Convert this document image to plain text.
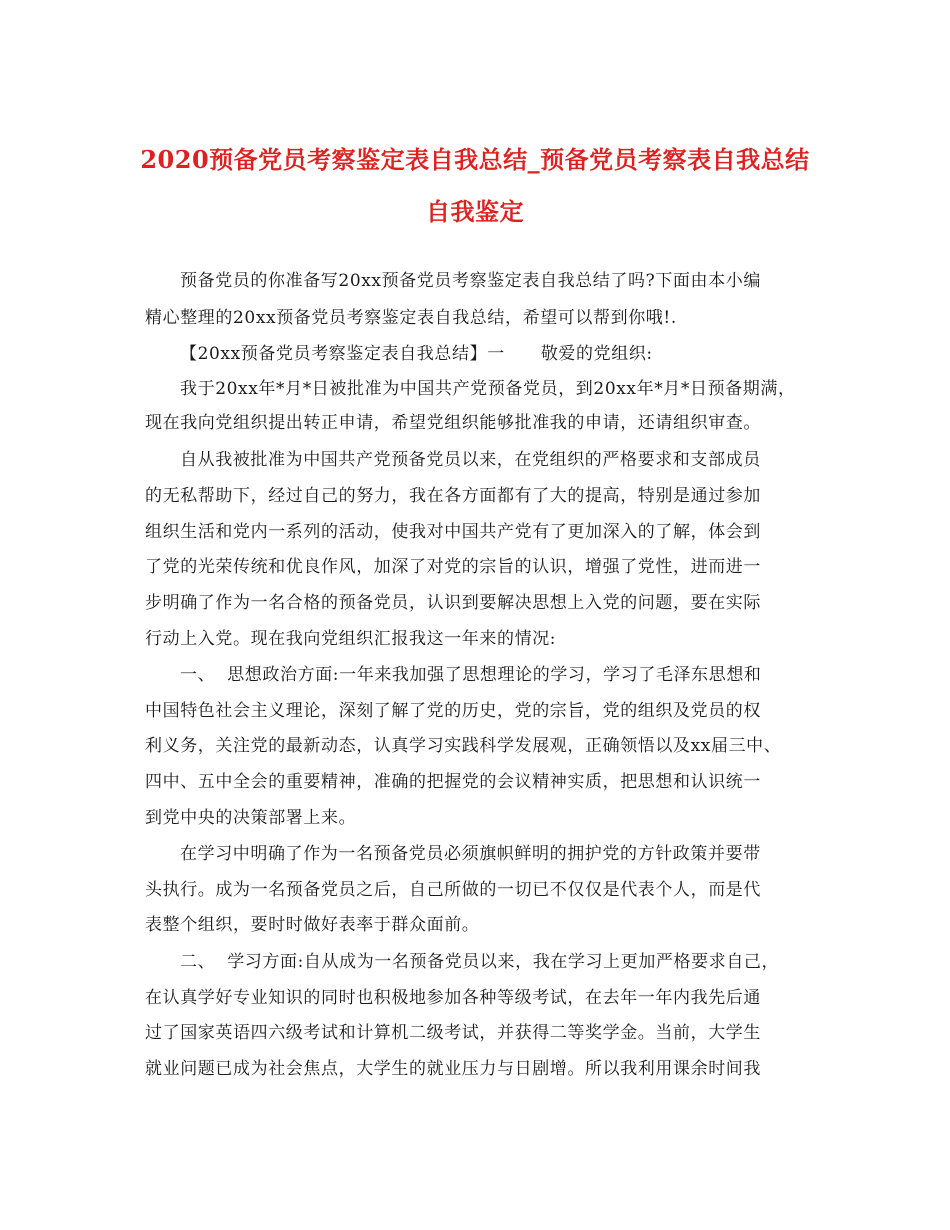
2020预备党员考察鉴定表自我总结_预备党员考察表自我总结
自我鉴定
预备党员的你准备写20xx预备党员考察鉴定表自我总结了吗?下面由本小编
精心整理的20xx预备党员考察鉴定表自我总结，希望可以帮到你哦!.
【20xx预备党员考察鉴定表自我总结】一      敬爱的党组织:
我于20xx年*月*日被批准为中国共产党预备党员，到20xx年*月*日预备期满，
现在我向党组织提出转正申请，希望党组织能够批准我的申请，还请组织审查。
自从我被批准为中国共产党预备党员以来，在党组织的严格要求和支部成员
的无私帮助下，经过自己的努力，我在各方面都有了大的提高，特别是通过参加
组织生活和党内一系列的活动，使我对中国共产党有了更加深入的了解，体会到
了党的光荣传统和优良作风，加深了对党的宗旨的认识，增强了党性，进而进一
步明确了作为一名合格的预备党员，认识到要解决思想上入党的问题，要在实际
行动上入党。现在我向党组织汇报我这一年来的情况:
一、  思想政治方面:一年来我加强了思想理论的学习，学习了毛泽东思想和
中国特色社会主义理论，深刻了解了党的历史，党的宗旨，党的组织及党员的权
利义务，关注党的最新动态，认真学习实践科学发展观，正确领悟以及xx届三中、
四中、五中全会的重要精神，准确的把握党的会议精神实质，把思想和认识统一
到党中央的决策部署上来。
在学习中明确了作为一名预备党员必须旗帜鲜明的拥护党的方针政策并要带
头执行。成为一名预备党员之后，自己所做的一切已不仅仅是代表个人，而是代
表整个组织，要时时做好表率于群众面前。
二、  学习方面:自从成为一名预备党员以来，我在学习上更加严格要求自己，
在认真学好专业知识的同时也积极地参加各种等级考试，在去年一年内我先后通
过了国家英语四六级考试和计算机二级考试，并获得二等奖学金。当前，大学生
就业问题已成为社会焦点，大学生的就业压力与日剧增。所以我利用课余时间我
